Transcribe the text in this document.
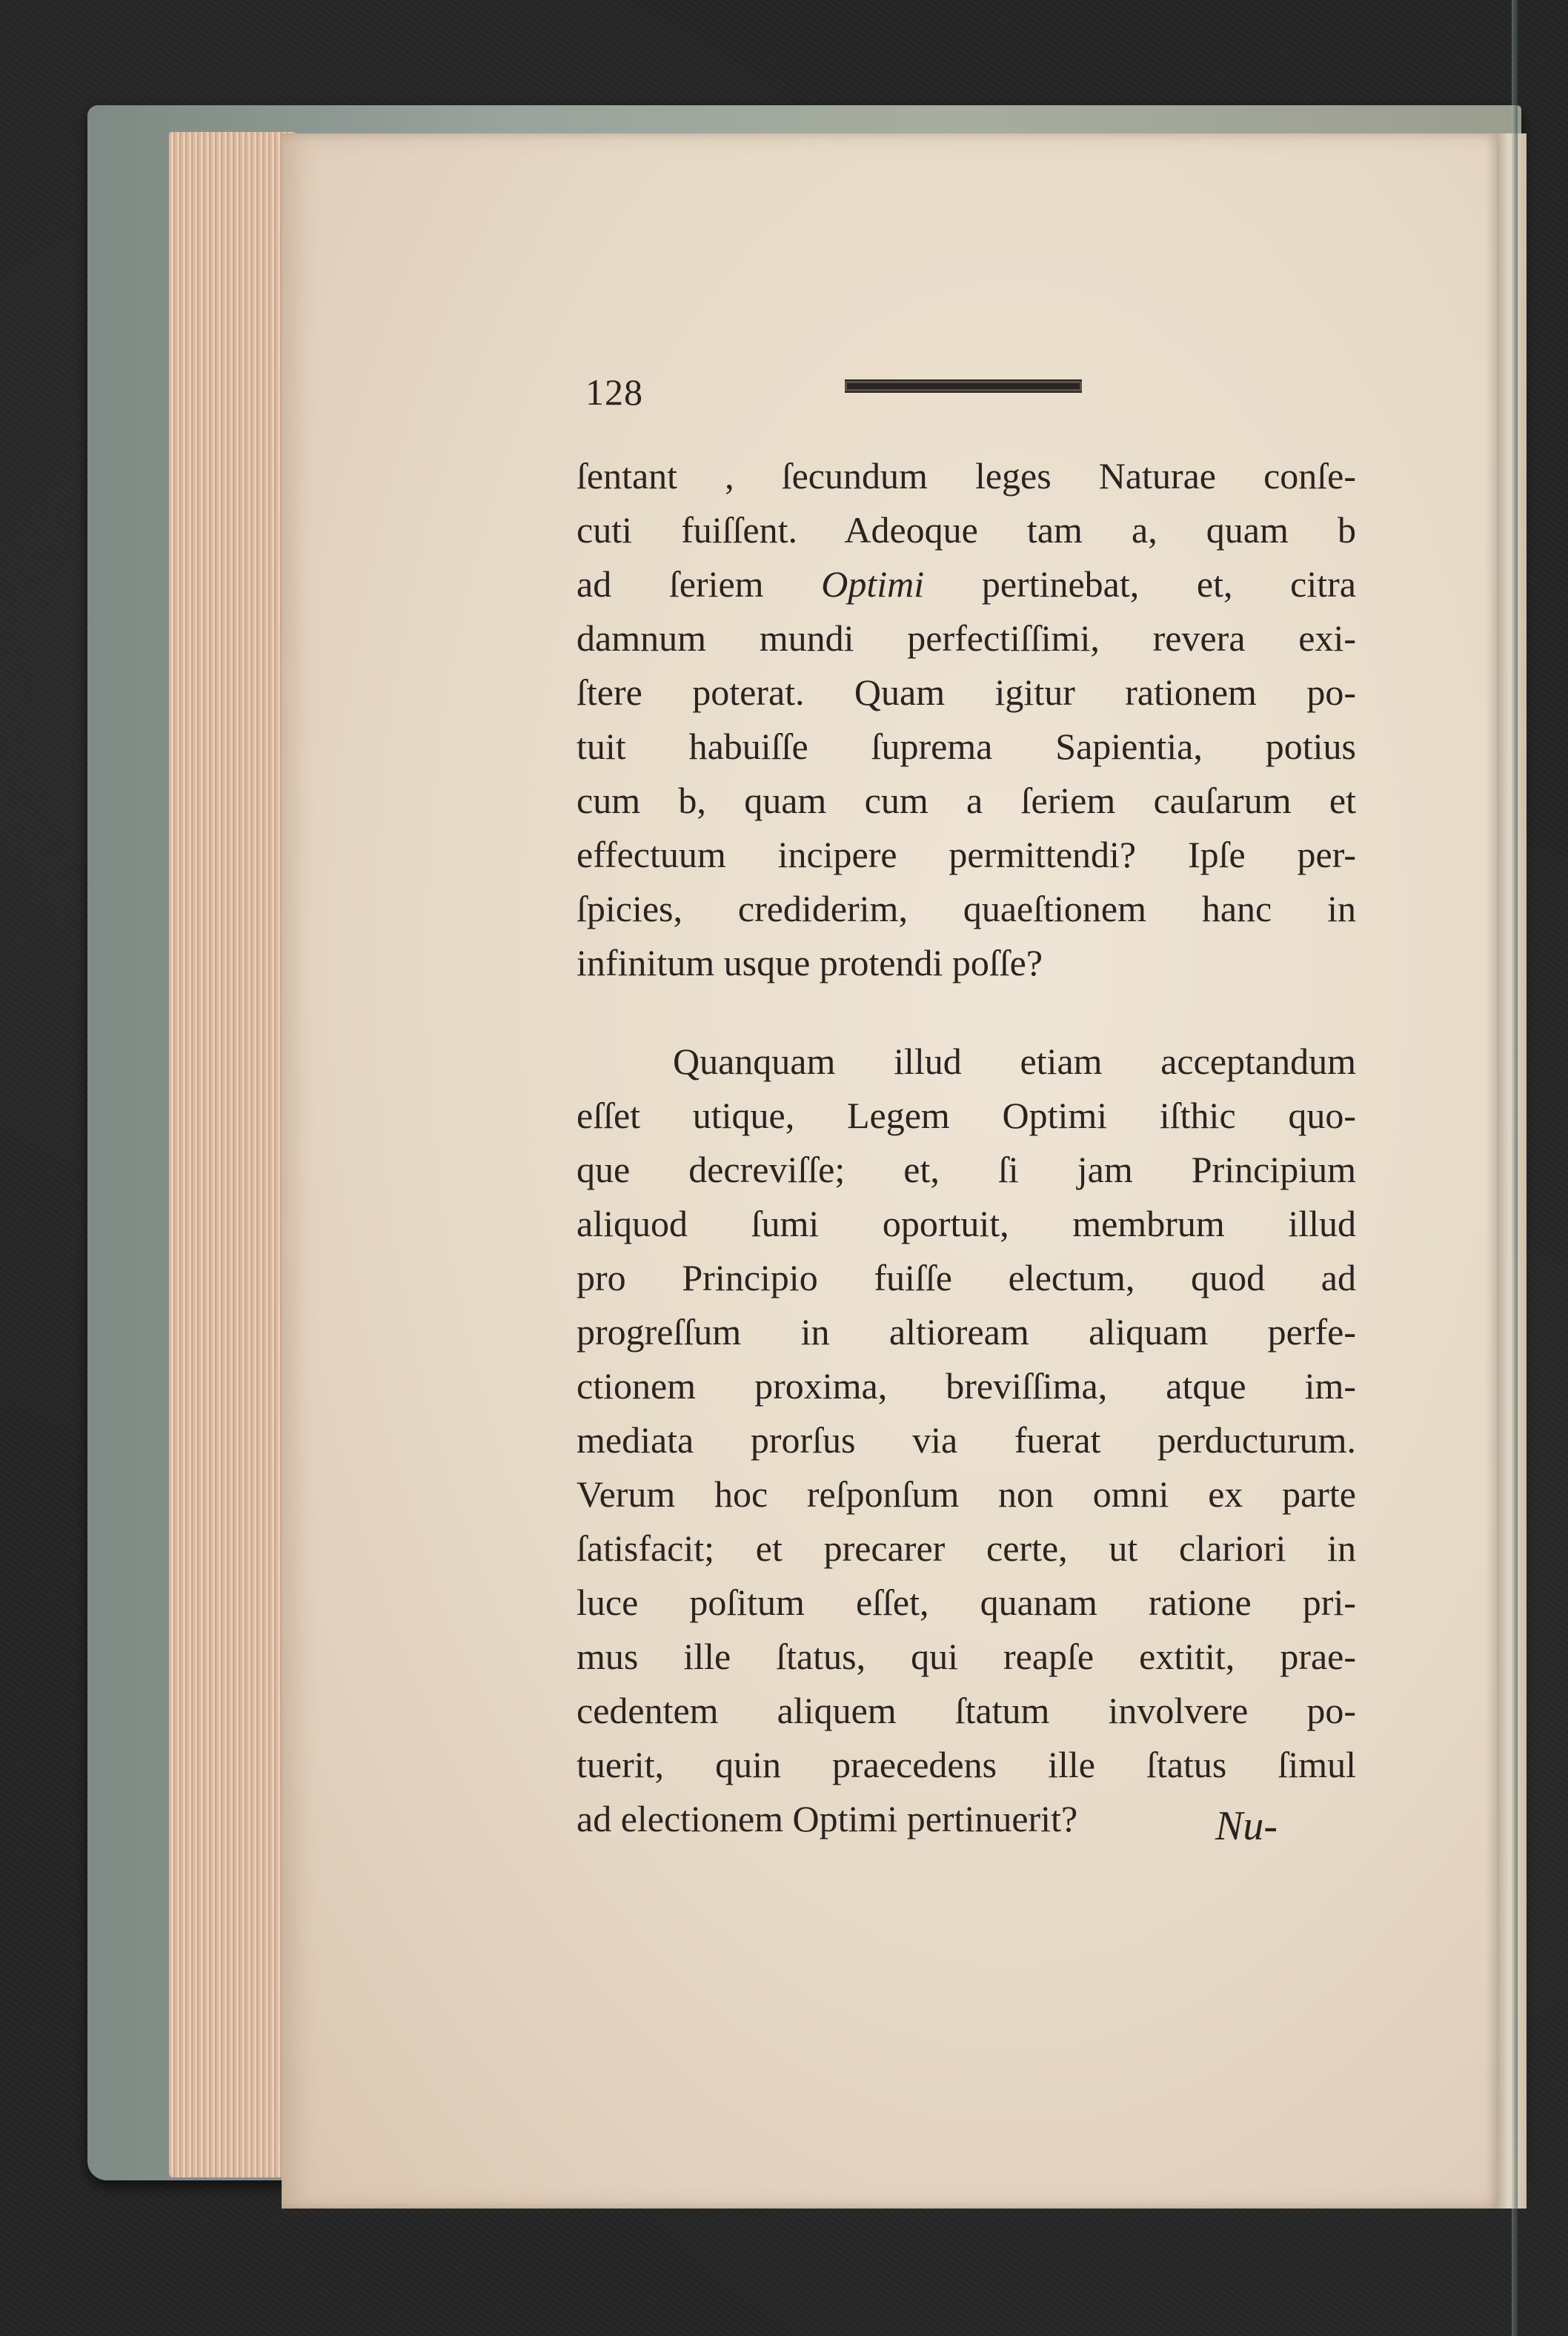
128
ſentant , ſecundum leges Naturae conſe-
cuti fuiſſent. Adeoque tam a, quam b
ad ſeriem Optimi pertinebat, et, citra
damnum mundi perfectiſſimi, revera exi-
ſtere poterat. Quam igitur rationem po-
tuit habuiſſe ſuprema Sapientia, potius
cum b, quam cum a ſeriem cauſarum et
effectuum incipere permittendi? Ipſe per-
ſpicies, crediderim, quaeſtionem hanc in
infinitum usque protendi poſſe?
Quanquam illud etiam acceptandum
eſſet utique, Legem Optimi iſthic quo-
que decreviſſe; et, ſi jam Principium
aliquod ſumi oportuit, membrum illud
pro Principio fuiſſe electum, quod ad
progreſſum in altioream aliquam perfe-
ctionem proxima, breviſſima, atque im-
mediata prorſus via fuerat perducturum.
Verum hoc reſponſum non omni ex parte
ſatisfacit; et precarer certe, ut clariori in
luce poſitum eſſet, quanam ratione pri-
mus ille ſtatus, qui reapſe extitit, prae-
cedentem aliquem ſtatum involvere po-
tuerit, quin praecedens ille ſtatus ſimul
ad electionem Optimi pertinuerit?	Nu-
